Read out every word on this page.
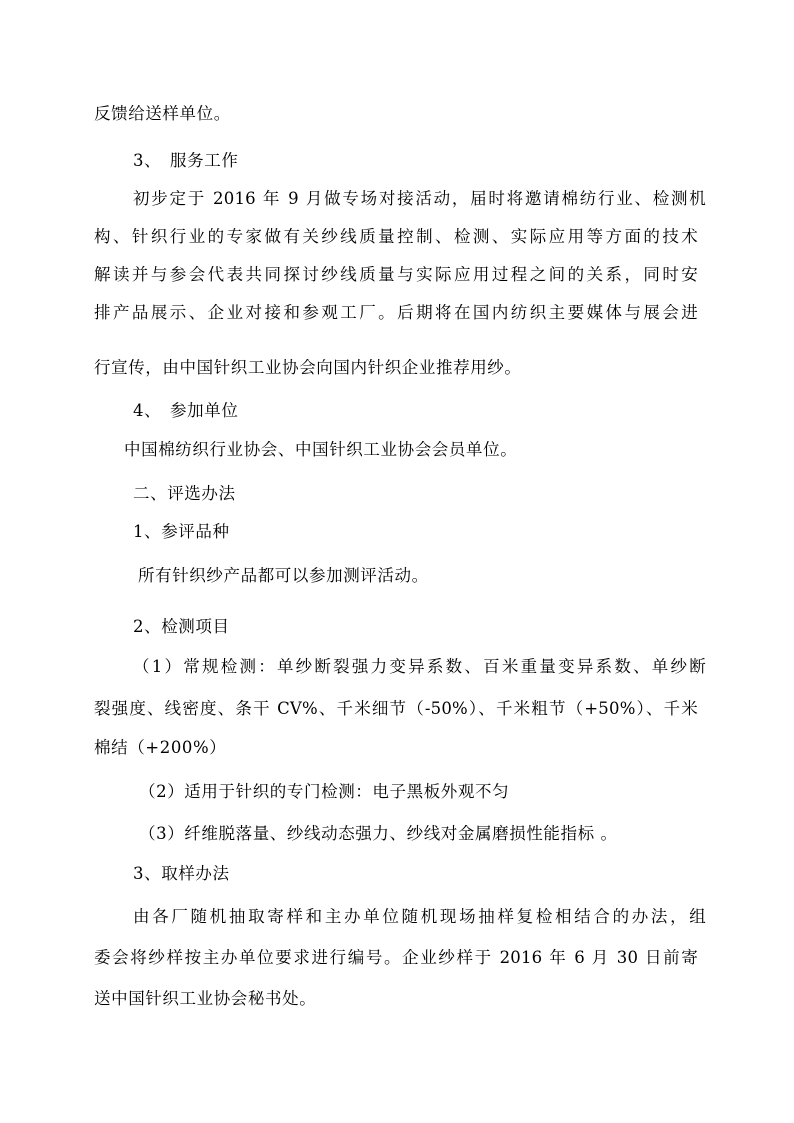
反馈给送样单位。
3、　服务工作
初步定于 2016 年 9 月做专场对接活动，届时将邀请棉纺行业、检测机
构、针织行业的专家做有关纱线质量控制、检测、实际应用等方面的技术
解读并与参会代表共同探讨纱线质量与实际应用过程之间的关系，同时安
排产品展示、企业对接和参观工厂。后期将在国内纺织主要媒体与展会进
行宣传，由中国针织工业协会向国内针织企业推荐用纱。
4、　参加单位
中国棉纺织行业协会、中国针织工业协会会员单位。
二、评选办法
1、参评品种
所有针织纱产品都可以参加测评活动。
2、检测项目
（1）常规检测：单纱断裂强力变异系数、百米重量变异系数、单纱断
裂强度、线密度、条干 CV%、千米细节（-50%）、千米粗节（+50%）、千米
棉结（+200%）
（2）适用于针织的专门检测：电子黑板外观不匀
（3）纤维脱落量、纱线动态强力、纱线对金属磨损性能指标 。
3、取样办法
由各厂随机抽取寄样和主办单位随机现场抽样复检相结合的办法，组
委会将纱样按主办单位要求进行编号。企业纱样于 2016 年 6 月 30 日前寄
送中国针织工业协会秘书处。
